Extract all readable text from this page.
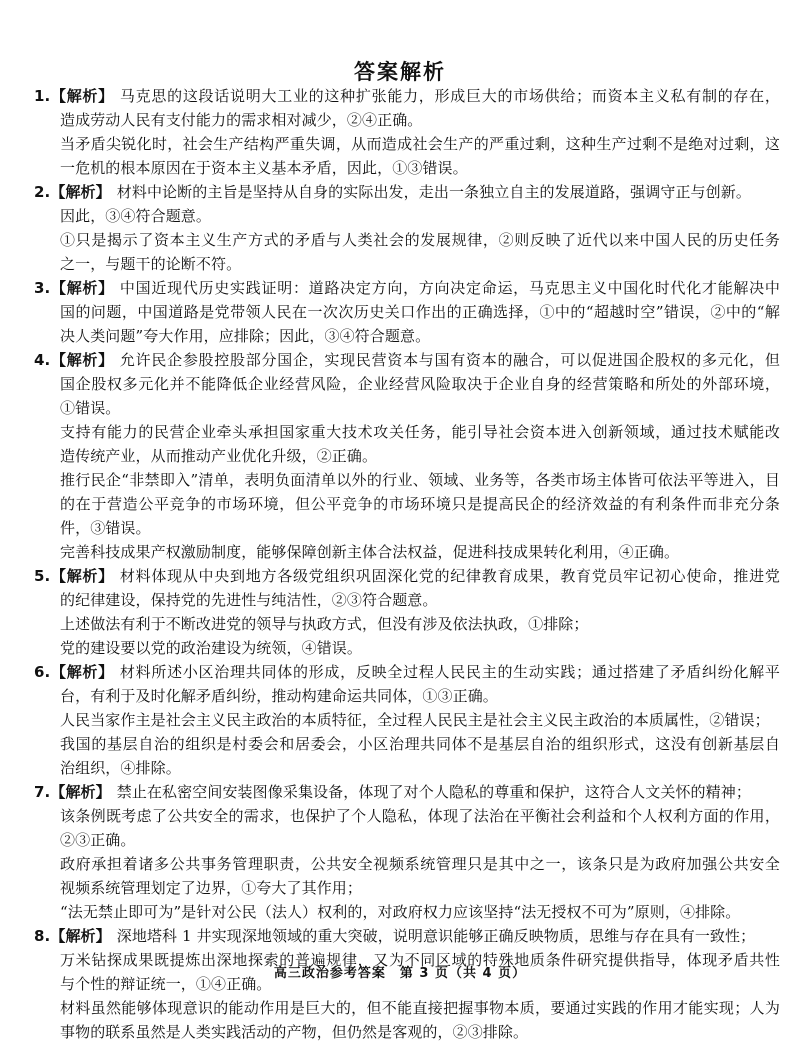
答案解析
1.【解析】 马克思的这段话说明大工业的这种扩张能力，形成巨大的市场供给；而资本主义私有制的存在，
造成劳动人民有支付能力的需求相对减少，②④正确。
当矛盾尖锐化时，社会生产结构严重失调，从而造成社会生产的严重过剩，这种生产过剩不是绝对过剩，这
一危机的根本原因在于资本主义基本矛盾，因此，①③错误。
2.【解析】 材料中论断的主旨是坚持从自身的实际出发，走出一条独立自主的发展道路，强调守正与创新。
因此，③④符合题意。
①只是揭示了资本主义生产方式的矛盾与人类社会的发展规律，②则反映了近代以来中国人民的历史任务
之一，与题干的论断不符。
3.【解析】 中国近现代历史实践证明：道路决定方向，方向决定命运，马克思主义中国化时代化才能解决中
国的问题，中国道路是党带领人民在一次次历史关口作出的正确选择，①中的“超越时空”错误，②中的“解
决人类问题”夸大作用，应排除；因此，③④符合题意。
4.【解析】 允许民企参股控股部分国企，实现民营资本与国有资本的融合，可以促进国企股权的多元化，但
国企股权多元化并不能降低企业经营风险，企业经营风险取决于企业自身的经营策略和所处的外部环境，
①错误。
支持有能力的民营企业牵头承担国家重大技术攻关任务，能引导社会资本进入创新领域，通过技术赋能改
造传统产业，从而推动产业优化升级，②正确。
推行民企“非禁即入”清单，表明负面清单以外的行业、领域、业务等，各类市场主体皆可依法平等进入，目
的在于营造公平竞争的市场环境，但公平竞争的市场环境只是提高民企的经济效益的有利条件而非充分条
件，③错误。
完善科技成果产权激励制度，能够保障创新主体合法权益，促进科技成果转化利用，④正确。
5.【解析】 材料体现从中央到地方各级党组织巩固深化党的纪律教育成果，教育党员牢记初心使命，推进党
的纪律建设，保持党的先进性与纯洁性，②③符合题意。
上述做法有利于不断改进党的领导与执政方式，但没有涉及依法执政，①排除；
党的建设要以党的政治建设为统领，④错误。
6.【解析】 材料所述小区治理共同体的形成，反映全过程人民民主的生动实践；通过搭建了矛盾纠纷化解平
台，有利于及时化解矛盾纠纷，推动构建命运共同体，①③正确。
人民当家作主是社会主义民主政治的本质特征，全过程人民民主是社会主义民主政治的本质属性，②错误；
我国的基层自治的组织是村委会和居委会，小区治理共同体不是基层自治的组织形式，这没有创新基层自
治组织，④排除。
7.【解析】 禁止在私密空间安装图像采集设备，体现了对个人隐私的尊重和保护，这符合人文关怀的精神；
该条例既考虑了公共安全的需求，也保护了个人隐私，体现了法治在平衡社会利益和个人权利方面的作用，
②③正确。
政府承担着诸多公共事务管理职责，公共安全视频系统管理只是其中之一，该条只是为政府加强公共安全
视频系统管理划定了边界，①夸大了其作用；
“法无禁止即可为”是针对公民（法人）权利的，对政府权力应该坚持“法无授权不可为”原则，④排除。
8.【解析】 深地塔科 1 井实现深地领域的重大突破，说明意识能够正确反映物质，思维与存在具有一致性；
万米钻探成果既提炼出深地探索的普遍规律，又为不同区域的特殊地质条件研究提供指导，体现矛盾共性
与个性的辩证统一，①④正确。
材料虽然能够体现意识的能动作用是巨大的，但不能直接把握事物本质，要通过实践的作用才能实现；人为
事物的联系虽然是人类实践活动的产物，但仍然是客观的，②③排除。
高三政治参考答案　第 3 页（共 4 页）
